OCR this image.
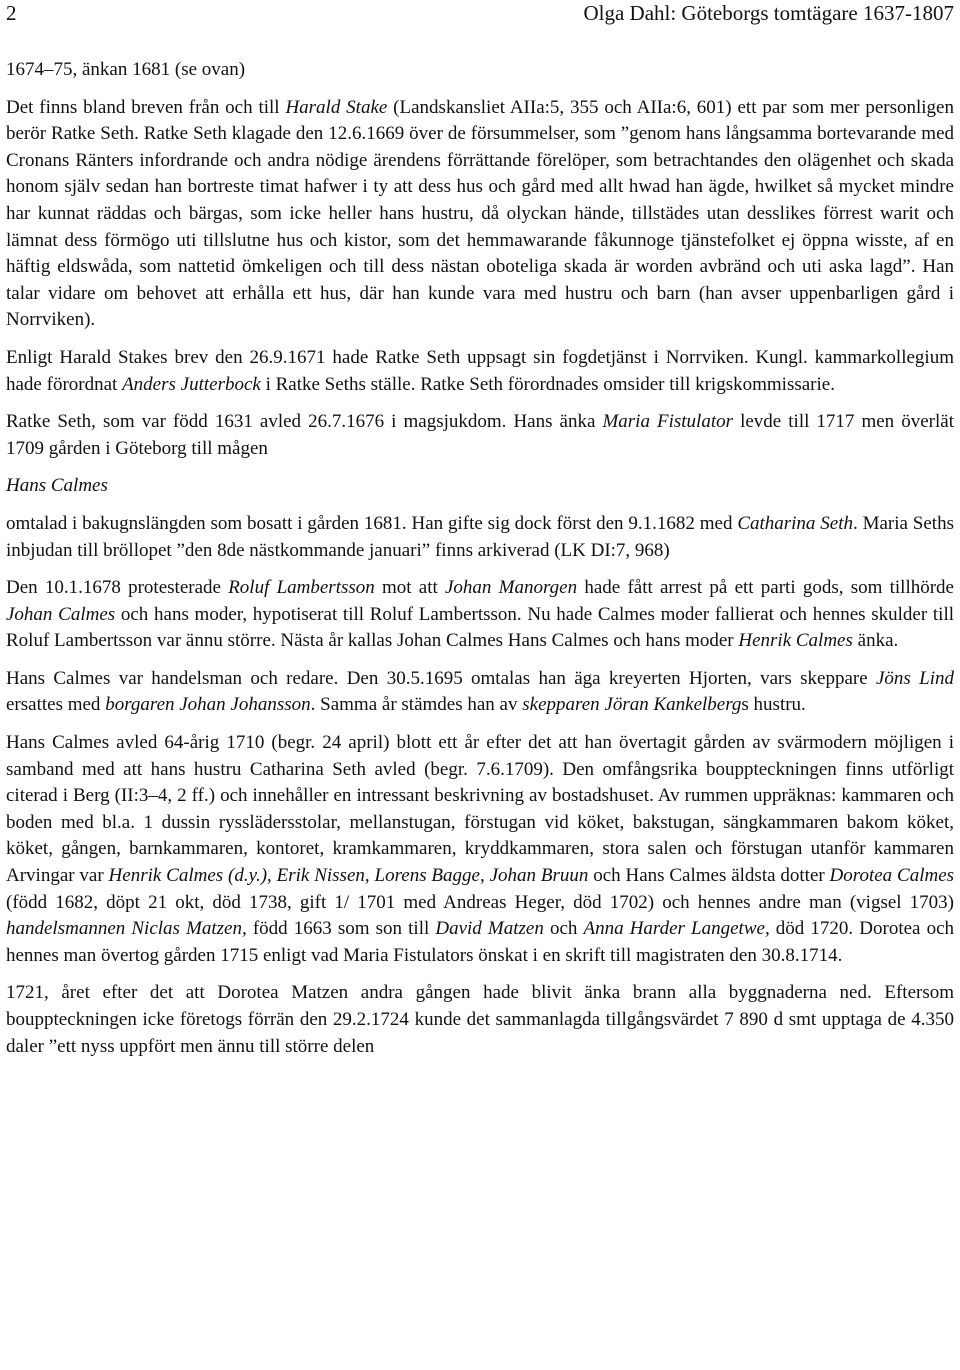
2	Olga Dahl: Göteborgs tomtägare 1637-1807

1674–75, änkan 1681 (se ovan)

Det finns bland breven från och till Harald Stake (Landskansliet AIIa:5, 355 och AIIa:6, 601) ett par som mer personligen berör Ratke Seth. Ratke Seth klagade den 12.6.1669 över de försummelser, som ”genom hans långsamma bortevarande med Cronans Ränters infordrande och andra nödige ärendens förrättande förelöper, som betrachtandes den olägenhet och skada honom själv sedan han bortreste timat hafwer i ty att dess hus och gård med allt hwad han ägde, hwilket så mycket mindre har kunnat räddas och bärgas, som icke heller hans hustru, då olyckan hände, tillstädes utan desslikes förrest warit och lämnat dess förmögo uti tillslutne hus och kistor, som det hemmawarande fåkunnoge tjänstefolket ej öppna wisste, af en häftig eldswåda, som nattetid ömkeligen och till dess nästan oboteliga skada är worden avbränd och uti aska lagd”. Han talar vidare om behovet att erhålla ett hus, där han kunde vara med hustru och barn (han avser uppenbarligen gård i Norrviken).

Enligt Harald Stakes brev den 26.9.1671 hade Ratke Seth uppsagt sin fogdetjänst i Norrviken. Kungl. kammarkollegium hade förordnat Anders Jutterbock i Ratke Seths ställe. Ratke Seth förordnades omsider till krigskommissarie.

Ratke Seth, som var född 1631 avled 26.7.1676 i magsjukdom. Hans änka Maria Fistulator levde till 1717 men överlät 1709 gården i Göteborg till mågen

Hans Calmes

omtalad i bakugnslängden som bosatt i gården 1681. Han gifte sig dock först den 9.1.1682 med Catharina Seth. Maria Seths inbjudan till bröllopet ”den 8de nästkommande januari” finns arkiverad (LK DI:7, 968)

Den 10.1.1678 protesterade Roluf Lambertsson mot att Johan Manorgen hade fått arrest på ett parti gods, som tillhörde Johan Calmes och hans moder, hypotiserat till Roluf Lambertsson. Nu hade Calmes moder fallierat och hennes skulder till Roluf Lambertsson var ännu större. Nästa år kallas Johan Calmes Hans Calmes och hans moder Henrik Calmes änka.

Hans Calmes var handelsman och redare. Den 30.5.1695 omtalas han äga kreyerten Hjorten, vars skeppare Jöns Lind ersattes med borgaren Johan Johansson. Samma år stämdes han av skepparen Jöran Kankelbergs hustru.

Hans Calmes avled 64-årig 1710 (begr. 24 april) blott ett år efter det att han övertagit gården av svärmodern möjligen i samband med att hans hustru Catharina Seth avled (begr. 7.6.1709). Den omfångsrika bouppteckningen finns utförligt citerad i Berg (II:3–4, 2 ff.) och innehåller en intressant beskrivning av bostadshuset. Av rummen uppräknas: kammaren och boden med bl.a. 1 dussin rysslädersstolar, mellanstugan, förstugan vid köket, bakstugan, sängkammaren bakom köket, köket, gången, barnkammaren, kontoret, kramkammaren, kryddkammaren, stora salen och förstugan utanför kammaren Arvingar var Henrik Calmes (d.y.), Erik Nissen, Lorens Bagge, Johan Bruun och Hans Calmes äldsta dotter Dorotea Calmes (född 1682, döpt 21 okt, död 1738, gift 1/ 1701 med Andreas Heger, död 1702) och hennes andre man (vigsel 1703) handelsmannen Niclas Matzen, född 1663 som son till David Matzen och Anna Harder Langetwe, död 1720. Dorotea och hennes man övertog gården 1715 enligt vad Maria Fistulators önskat i en skrift till magistraten den 30.8.1714.

1721, året efter det att Dorotea Matzen andra gången hade blivit änka brann alla byggnaderna ned. Eftersom bouppteckningen icke företogs förrän den 29.2.1724 kunde det sammanlagda tillgångsvärdet 7 890 d smt upptaga de 4.350 daler ”ett nyss uppfört men ännu till större delen
